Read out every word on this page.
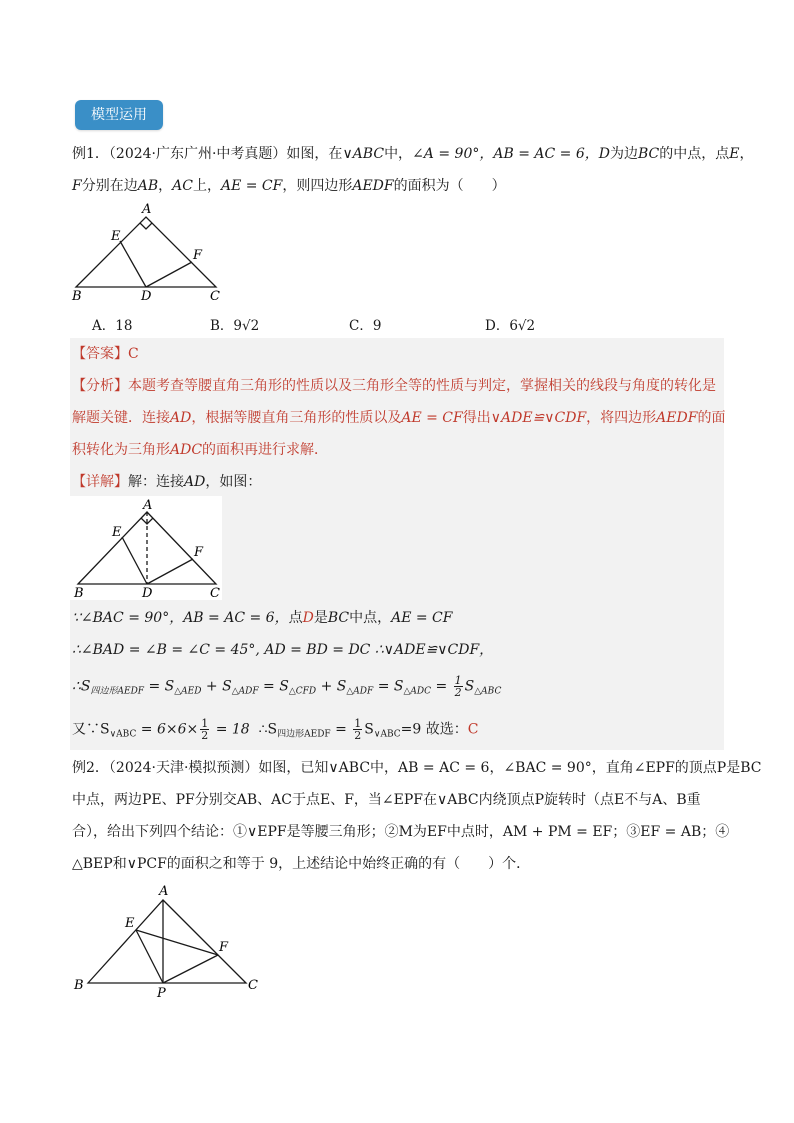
模型运用
例1．（2024·广东广州·中考真题）如图，在∨ABC中，∠A = 90°，AB = AC = 6，D为边BC的中点，点E，
F分别在边AB，AC上，AE = CF，则四边形AEDF的面积为（　　）
A
E
F
B	D	C
A．18	B．9√2	C．9	D．6√2
【答案】C
【分析】本题考查等腰直角三角形的性质以及三角形全等的性质与判定，掌握相关的线段与角度的转化是
解题关键．连接AD，根据等腰直角三角形的性质以及AE = CF得出∨ADE≌∨CDF，将四边形AEDF的面
积转化为三角形ADC的面积再进行求解．
【详解】解：连接AD，如图：
A
E
F
B	D	C
∵∠BAC = 90°，AB = AC = 6，点D是BC中点，AE = CF
∴∠BAD = ∠B = ∠C = 45°, AD = BD = DC ∴∨ADE≌∨CDF，
$\therefore S_{四边形AEDF} = S_{\triangle AED} + S_{\triangle ADF} = S_{\triangle CFD} + S_{\triangle ADF} = S_{\triangle ADC} = \frac{1}{2} S_{\triangle ABC}$
又$\because S_{\vee ABC} = 6\times 6\times \frac{1}{2} = 18$ $\therefore S_{四边形AEDF} = \frac{1}{2} S_{\vee ABC}=9$ 故选：C
例2．（2024·天津·模拟预测）如图，已知∨ABC中，AB = AC = 6，∠BAC = 90°，直角∠EPF的顶点P是BC
中点，两边PE、PF分别交AB、AC于点E、F，当∠EPF在∨ABC内绕顶点P旋转时（点E不与A、B重
合），给出下列四个结论：①∨EPF是等腰三角形；②M为EF中点时，AM + PM = EF；③EF = AB；④
△BEP和∨PCF的面积之和等于 9，上述结论中始终正确的有（　　）个．
A
E
F
B
P
C
